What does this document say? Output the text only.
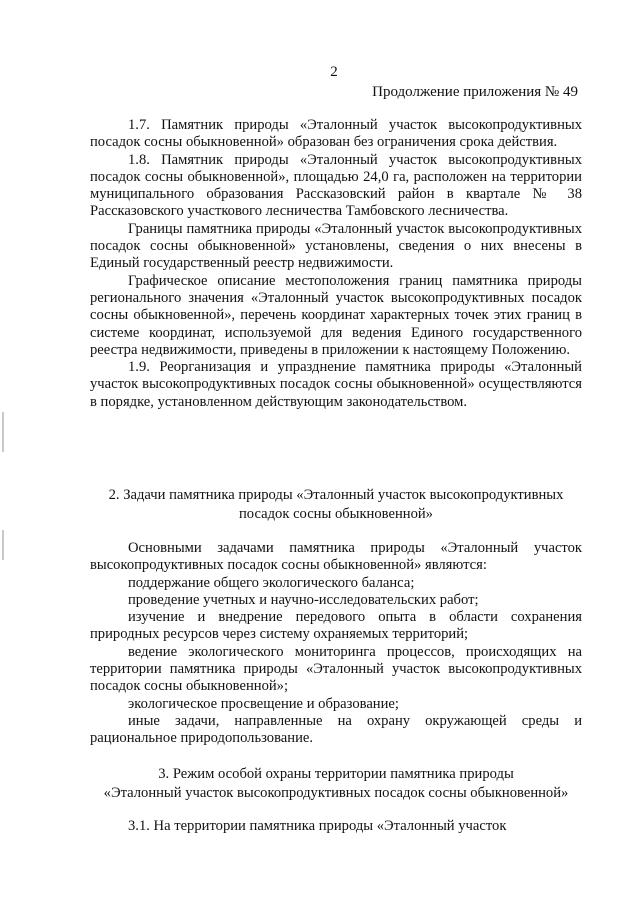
2
Продолжение приложения № 49

1.7. Памятник природы «Эталонный участок высокопродуктивных посадок сосны обыкновенной» образован без ограничения срока действия.

1.8. Памятник природы «Эталонный участок высокопродуктивных посадок сосны обыкновенной», площадью 24,0 га, расположен на территории муниципального образования Рассказовский район в квартале № 38 Рассказовского участкового лесничества Тамбовского лесничества.

Границы памятника природы «Эталонный участок высокопродуктивных посадок сосны обыкновенной» установлены, сведения о них внесены в Единый государственный реестр недвижимости.

Графическое описание местоположения границ памятника природы регионального значения «Эталонный участок высокопродуктивных посадок сосны обыкновенной», перечень координат характерных точек этих границ в системе координат, используемой для ведения Единого государственного реестра недвижимости, приведены в приложении к настоящему Положению.

1.9. Реорганизация и упразднение памятника природы «Эталонный участок высокопродуктивных посадок сосны обыкновенной» осуществляются в порядке, установленном действующим законодательством.

2. Задачи памятника природы «Эталонный участок высокопродуктивных
посадок сосны обыкновенной»

Основными задачами памятника природы «Эталонный участок высокопродуктивных посадок сосны обыкновенной» являются:

поддержание общего экологического баланса;

проведение учетных и научно-исследовательских работ;

изучение и внедрение передового опыта в области сохранения природных ресурсов через систему охраняемых территорий;

ведение экологического мониторинга процессов, происходящих на территории памятника природы «Эталонный участок высокопродуктивных посадок сосны обыкновенной»;

экологическое просвещение и образование;

иные задачи, направленные на охрану окружающей среды и рациональное природопользование.

3. Режим особой охраны территории памятника природы
«Эталонный участок высокопродуктивных посадок сосны обыкновенной»

3.1. На территории памятника природы «Эталонный участок
